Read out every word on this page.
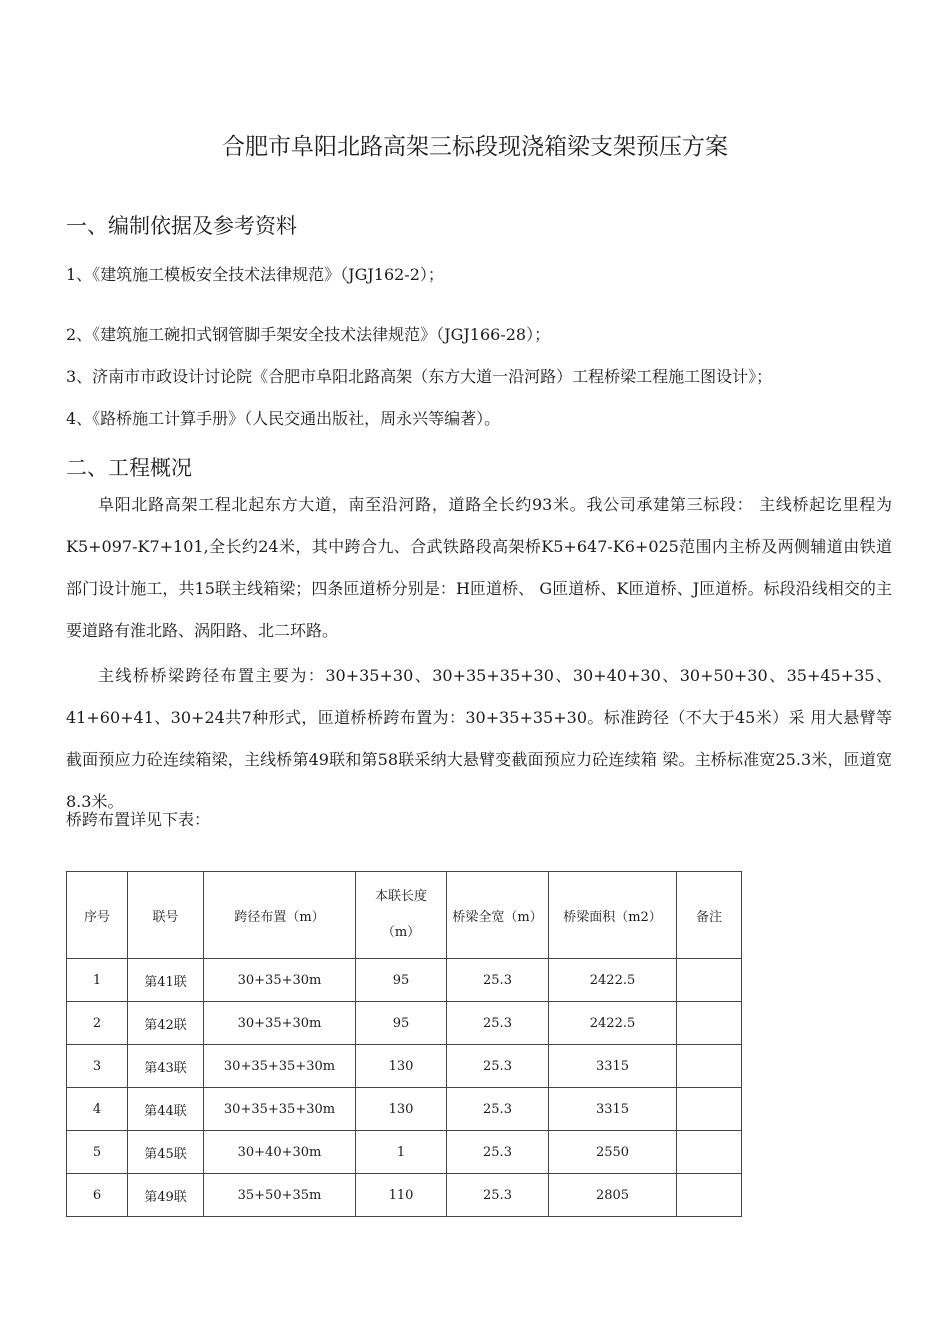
合肥市阜阳北路高架三标段现浇箱梁支架预压方案
一、编制依据及参考资料
1、《建筑施工模板安全技术法律规范》（JGJ162-2）；
2、《建筑施工碗扣式钢管脚手架安全技术法律规范》（JGJ166-28）；
3、济南市市政设计讨论院《合肥市阜阳北路高架（东方大道一沿河路）工程桥梁工程施工图设计》；
4、《路桥施工计算手册》（人民交通出版社，周永兴等编著）。
二、工程概况
阜阳北路高架工程北起东方大道，南至沿河路，道路全长约93米。我公司承建第三标段： 主线桥起讫里程为K5+097-K7+101,全长约24米，其中跨合九、合武铁路段高架桥K5+647-K6+025范围内主桥及两侧辅道由铁道部门设计施工，共15联主线箱梁；四条匝道桥分别是：H匝道桥、 G匝道桥、K匝道桥、J匝道桥。标段沿线相交的主要道路有淮北路、涡阳路、北二环路。
主线桥桥梁跨径布置主要为：30+35+30、30+35+35+30、30+40+30、30+50+30、35+45+35、41+60+41、30+24共7种形式，匝道桥桥跨布置为：30+35+35+30。标准跨径（不大于45米）采 用大悬臂等截面预应力砼连续箱梁，主线桥第49联和第58联采纳大悬臂变截面预应力砼连续箱 梁。主桥标准宽25.3米，匝道宽8.3米。
桥跨布置详见下表：
序号	联号	跨径布置（m）	本联长度
（m）	桥梁全宽（m）	桥梁面积（m2）	备注
1	第41联	30+35+30m	95	25.3	2422.5	
2	第42联	30+35+30m	95	25.3	2422.5	
3	第43联	30+35+35+30m	130	25.3	3315	
4	第44联	30+35+35+30m	130	25.3	3315	
5	第45联	30+40+30m	1	25.3	2550	
6	第49联	35+50+35m	110	25.3	2805	
